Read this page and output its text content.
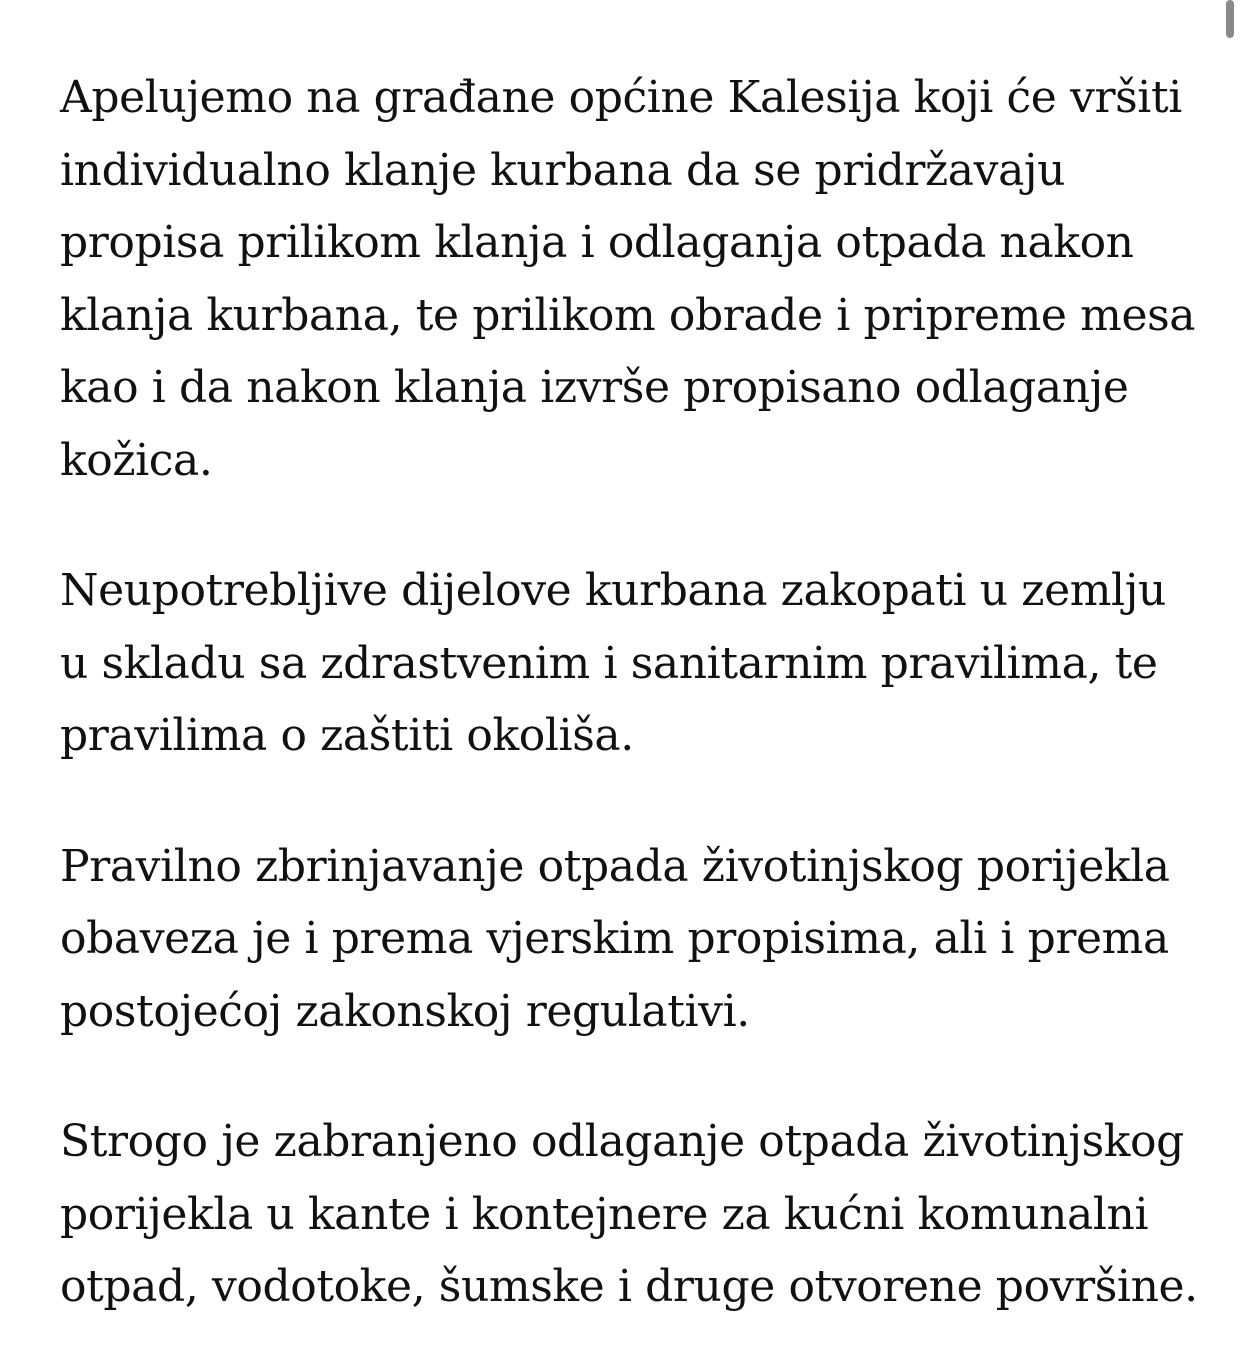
Apelujemo na građane općine Kalesija koji će vršiti individualno klanje kurbana da se pridržavaju propisa prilikom klanja i odlaganja otpada nakon klanja kurbana, te prilikom obrade i pripreme mesa kao i da nakon klanja izvrše propisano odlaganje kožica.

Neupotrebljive dijelove kurbana zakopati u zemlju u skladu sa zdrastvenim i sanitarnim pravilima, te pravilima o zaštiti okoliša.

Pravilno zbrinjavanje otpada životinjskog porijekla obaveza je i prema vjerskim propisima, ali i prema postojećoj zakonskoj regulativi.

Strogo je zabranjeno odlaganje otpada životinjskog porijekla u kante i kontejnere za kućni komunalni otpad, vodotoke, šumske i druge otvorene površine.
